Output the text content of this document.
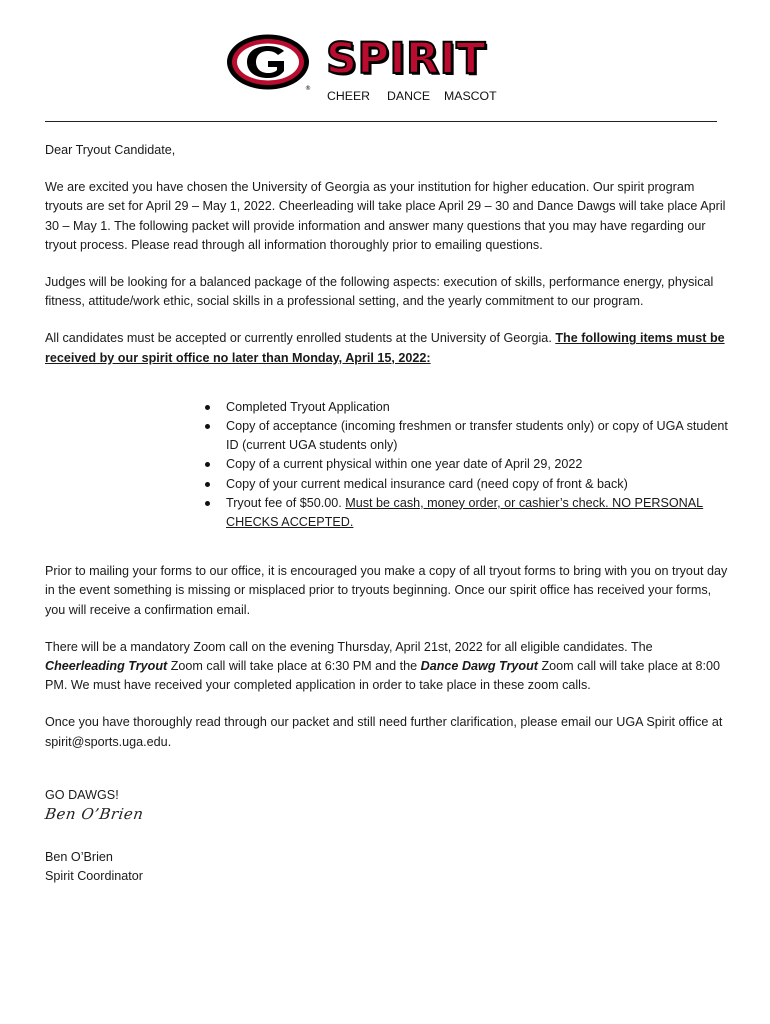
®
SPIRIT
CHEER DANCE MASCOT

Dear Tryout Candidate,

We are excited you have chosen the University of Georgia as your institution for higher education. Our spirit program tryouts are set for April 29 – May 1, 2022. Cheerleading will take place April 29 – 30 and Dance Dawgs will take place April 30 – May 1. The following packet will provide information and answer many questions that you may have regarding our tryout process. Please read through all information thoroughly prior to emailing questions.

Judges will be looking for a balanced package of the following aspects: execution of skills, performance energy, physical fitness, attitude/work ethic, social skills in a professional setting, and the yearly commitment to our program.

All candidates must be accepted or currently enrolled students at the University of Georgia. The following items must be received by our spirit office no later than Monday, April 15, 2022:

Completed Tryout Application
Copy of acceptance (incoming freshmen or transfer students only) or copy of UGA student ID (current UGA students only)
Copy of a current physical within one year date of April 29, 2022
Copy of your current medical insurance card (need copy of front & back)
Tryout fee of $50.00. Must be cash, money order, or cashier’s check. NO PERSONAL CHECKS ACCEPTED.

Prior to mailing your forms to our office, it is encouraged you make a copy of all tryout forms to bring with you on tryout day in the event something is missing or misplaced prior to tryouts beginning. Once our spirit office has received your forms, you will receive a confirmation email.

There will be a mandatory Zoom call on the evening Thursday, April 21st, 2022 for all eligible candidates. The Cheerleading Tryout Zoom call will take place at 6:30 PM and the Dance Dawg Tryout Zoom call will take place at 8:00 PM. We must have received your completed application in order to take place in these zoom calls.

Once you have thoroughly read through our packet and still need further clarification, please email our UGA Spirit office at spirit@sports.uga.edu.

GO DAWGS!

Ben O’Brien

Ben O’Brien

Spirit Coordinator
